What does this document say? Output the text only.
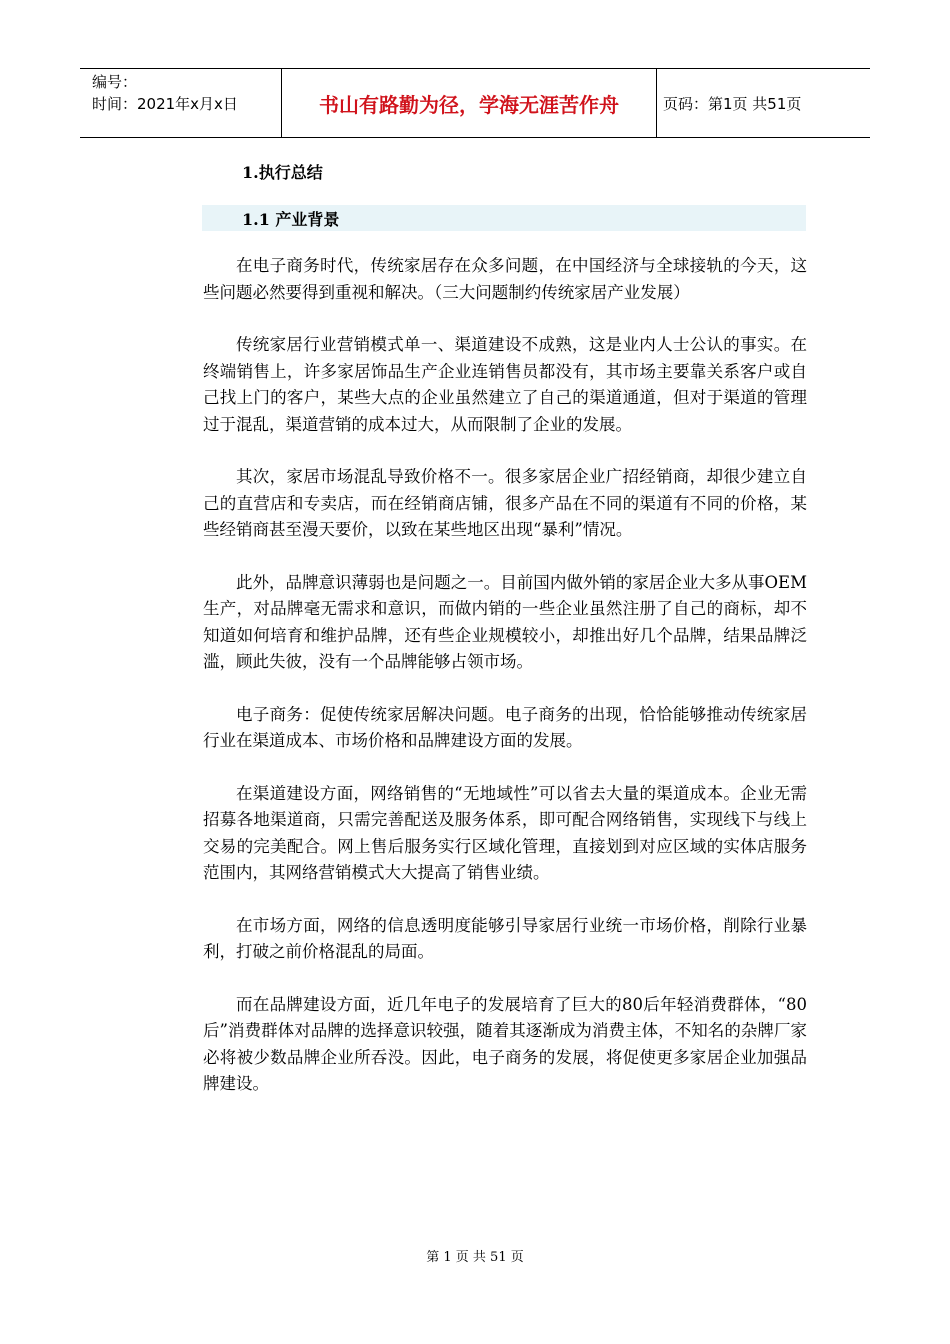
编号：
时间：2021年x月x日	书山有路勤为径，学海无涯苦作舟	页码：第1页 共51页
1.执行总结
1.1 产业背景

在电子商务时代，传统家居存在众多问题，在中国经济与全球接轨的今天，这些问题必然要得到重视和解决。（三大问题制约传统家居产业发展）

传统家居行业营销模式单一、渠道建设不成熟，这是业内人士公认的事实。在终端销售上，许多家居饰品生产企业连销售员都没有，其市场主要靠关系客户或自己找上门的客户，某些大点的企业虽然建立了自己的渠道通道，但对于渠道的管理过于混乱，渠道营销的成本过大，从而限制了企业的发展。

其次，家居市场混乱导致价格不一。很多家居企业广招经销商，却很少建立自己的直营店和专卖店，而在经销商店铺，很多产品在不同的渠道有不同的价格，某些经销商甚至漫天要价，以致在某些地区出现“暴利”情况。

此外，品牌意识薄弱也是问题之一。目前国内做外销的家居企业大多从事OEM生产，对品牌毫无需求和意识，而做内销的一些企业虽然注册了自己的商标，却不知道如何培育和维护品牌，还有些企业规模较小，却推出好几个品牌，结果品牌泛滥，顾此失彼，没有一个品牌能够占领市场。

电子商务：促使传统家居解决问题。电子商务的出现，恰恰能够推动传统家居行业在渠道成本、市场价格和品牌建设方面的发展。

在渠道建设方面，网络销售的“无地域性”可以省去大量的渠道成本。企业无需招募各地渠道商，只需完善配送及服务体系，即可配合网络销售，实现线下与线上交易的完美配合。网上售后服务实行区域化管理，直接划到对应区域的实体店服务范围内，其网络营销模式大大提高了销售业绩。

在市场方面，网络的信息透明度能够引导家居行业统一市场价格，削除行业暴利，打破之前价格混乱的局面。

而在品牌建设方面，近几年电子的发展培育了巨大的80后年轻消费群体，“80后”消费群体对品牌的选择意识较强，随着其逐渐成为消费主体，不知名的杂牌厂家必将被少数品牌企业所吞没。因此，电子商务的发展，将促使更多家居企业加强品牌建设。

第 1 页 共 51 页
